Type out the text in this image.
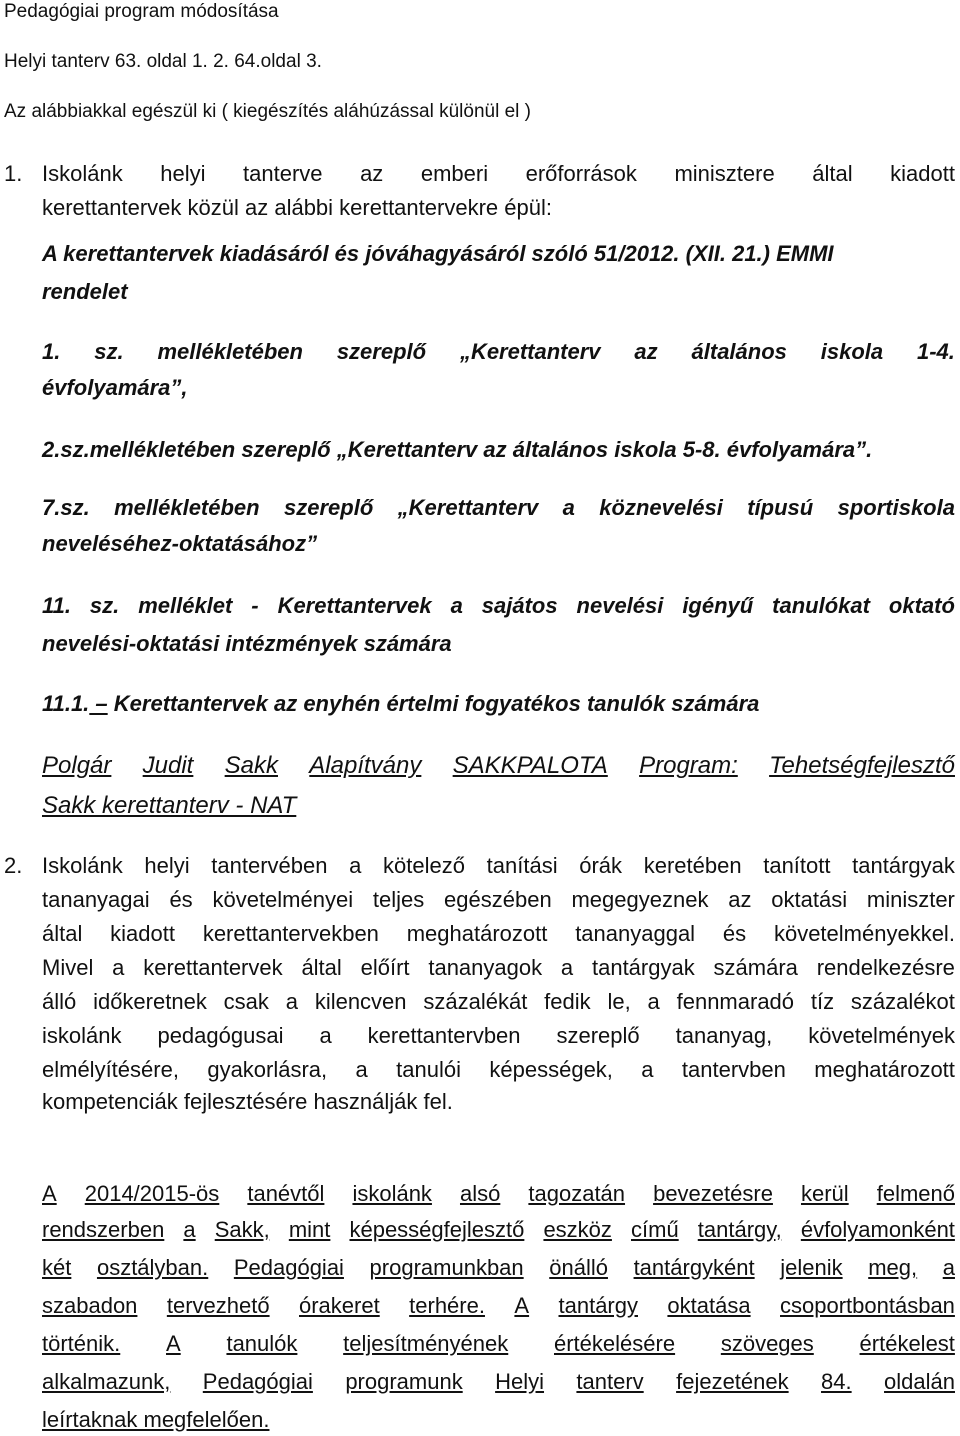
Pedagógiai program módosítása

Helyi tanterv 63. oldal 1. 2. 64.oldal 3.

Az alábbiakkal egészül ki ( kiegészítés aláhúzással különül el )

1. Iskolánk helyi tanterve az emberi erőforrások minisztere által kiadott

kerettantervek közül az alábbi kerettantervekre épül:

A kerettantervek kiadásáról és jóváhagyásáról szóló 51/2012. (XII. 21.) EMMI

rendelet

1. sz. mellékletében szereplő „Kerettanterv az általános iskola 1-4.

évfolyamára”,

2.sz.mellékletében szereplő „Kerettanterv az általános iskola 5-8. évfolyamára”.

7.sz. mellékletében szereplő „Kerettanterv a köznevelési típusú sportiskola

neveléséhez-oktatásához”

11. sz. melléklet - Kerettantervek a sajátos nevelési igényű tanulókat oktató

nevelési-oktatási intézmények számára

11.1. – Kerettantervek az enyhén értelmi fogyatékos tanulók számára

Polgár Judit Sakk Alapítvány SAKKPALOTA Program: Tehetségfejlesztő

Sakk kerettanterv - NAT

2. Iskolánk helyi tantervében a kötelező tanítási órák keretében tanított tantárgyak
tananyagai és követelményei teljes egészében megegyeznek az oktatási miniszter
által kiadott kerettantervekben meghatározott tananyaggal és követelményekkel.
Mivel a kerettantervek által előírt tananyagok a tantárgyak számára rendelkezésre
álló időkeretnek csak a kilencven százalékát fedik le, a fennmaradó tíz százalékot
iskolánk pedagógusai a kerettantervben szereplő tananyag, követelmények
elmélyítésére, gyakorlásra, a tanulói képességek, a tantervben meghatározott

kompetenciák fejlesztésére használják fel.

A 2014/2015-ös tanévtől iskolánk alsó tagozatán bevezetésre kerül felmenő
rendszerben a Sakk, mint képességfejlesztő eszköz című tantárgy, évfolyamonként
két osztályban. Pedagógiai programunkban önálló tantárgyként jelenik meg, a
szabadon tervezhető órakeret terhére. A tantárgy oktatása csoportbontásban
történik. A tanulók teljesítményének értékelésére szöveges értékelest
alkalmazunk, Pedagógiai programunk Helyi tanterv fejezetének 84. oldalán

leírtaknak megfelelően.
